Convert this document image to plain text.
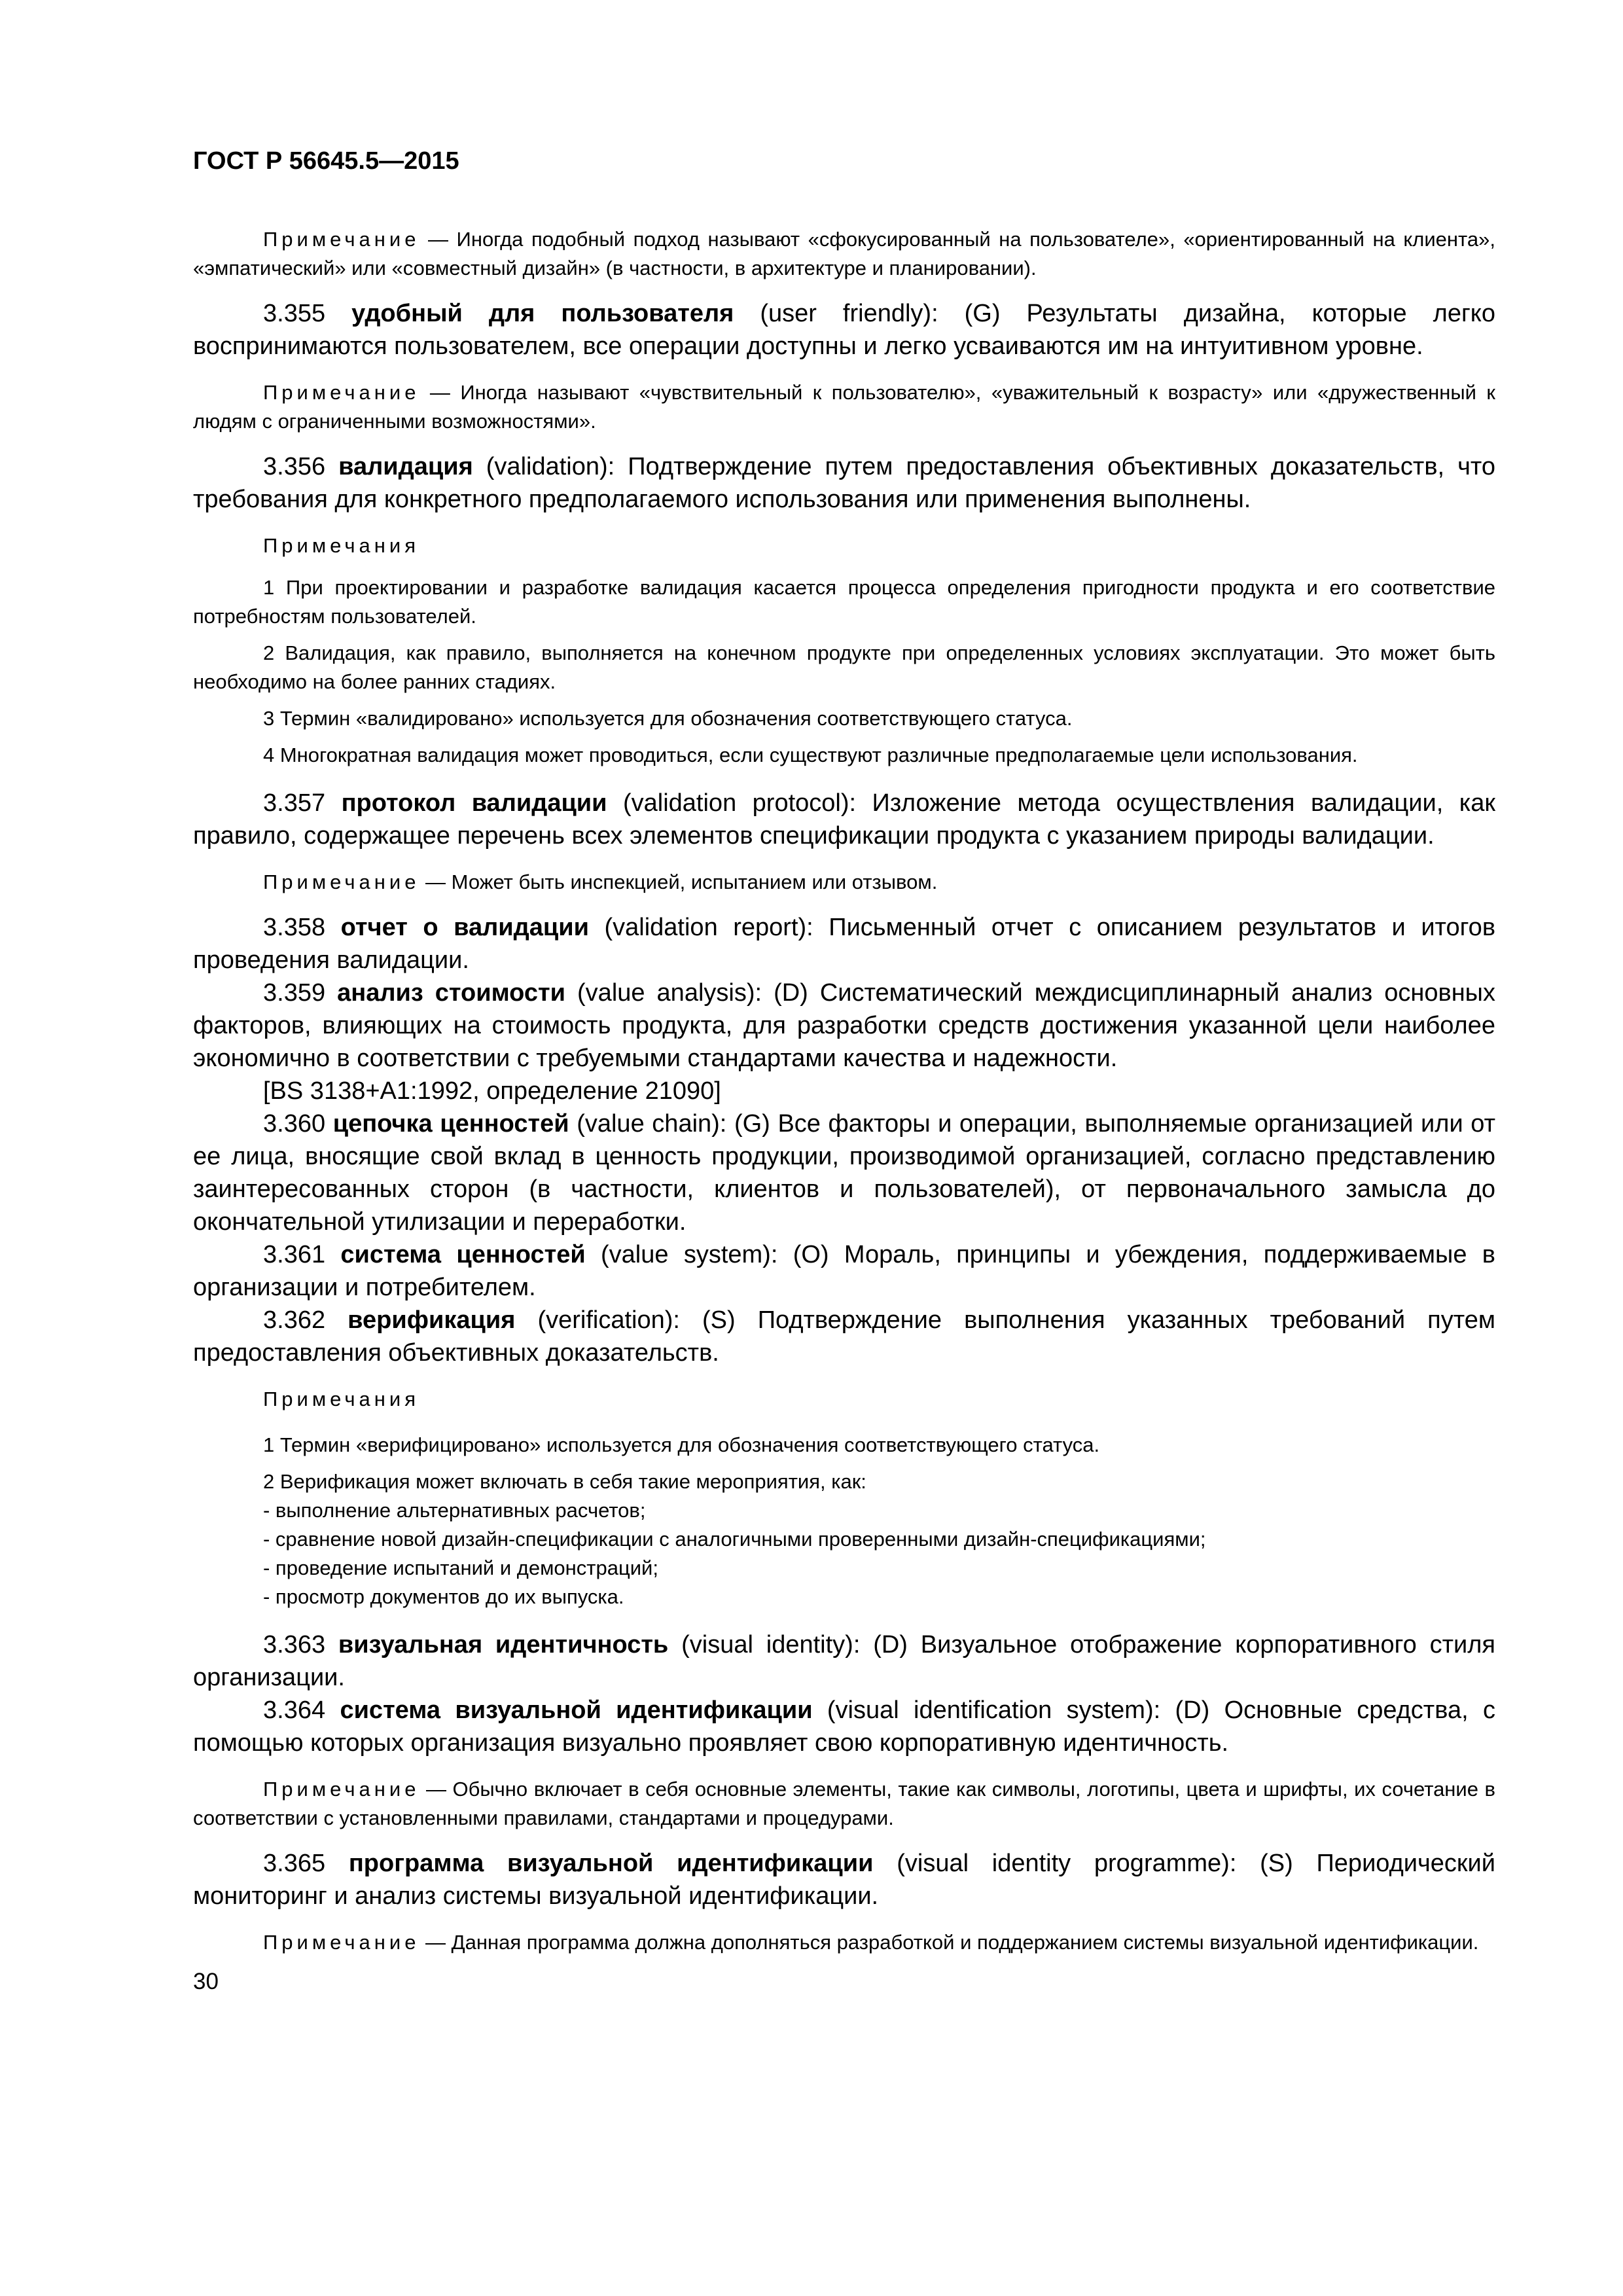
ГОСТ Р 56645.5—2015

Примечание — Иногда подобный подход называют «сфокусированный на пользователе», «ориентированный на клиента», «эмпатический» или «совместный дизайн» (в частности, в архитектуре и планировании).

3.355 удобный для пользователя (user friendly): (G) Результаты дизайна, которые легко воспринимаются пользователем, все операции доступны и легко усваиваются им на интуитивном уровне.

Примечание — Иногда называют «чувствительный к пользователю», «уважительный к возрасту» или «дружественный к людям с ограниченными возможностями».

3.356 валидация (validation): Подтверждение путем предоставления объективных доказательств, что требования для конкретного предполагаемого использования или применения выполнены.

Примечания

1 При проектировании и разработке валидация касается процесса определения пригодности продукта и его соответствие потребностям пользователей.

2 Валидация, как правило, выполняется на конечном продукте при определенных условиях эксплуатации. Это может быть необходимо на более ранних стадиях.

3 Термин «валидировано» используется для обозначения соответствующего статуса.

4 Многократная валидация может проводиться, если существуют различные предполагаемые цели использования.

3.357 протокол валидации (validation protocol): Изложение метода осуществления валидации, как правило, содержащее перечень всех элементов спецификации продукта с указанием природы валидации.

Примечание — Может быть инспекцией, испытанием или отзывом.

3.358 отчет о валидации (validation report): Письменный отчет с описанием результатов и итогов проведения валидации.

3.359 анализ стоимости (value analysis): (D) Систематический междисциплинарный анализ основных факторов, влияющих на стоимость продукта, для разработки средств достижения указанной цели наиболее экономично в соответствии с требуемыми стандартами качества и надежности.

[BS 3138+A1:1992, определение 21090]

3.360 цепочка ценностей (value chain): (G) Все факторы и операции, выполняемые организацией или от ее лица, вносящие свой вклад в ценность продукции, производимой организацией, согласно представлению заинтересованных сторон (в частности, клиентов и пользователей), от первоначального замысла до окончательной утилизации и переработки.

3.361 система ценностей (value system): (O) Мораль, принципы и убеждения, поддерживаемые в организации и потребителем.

3.362 верификация (verification): (S) Подтверждение выполнения указанных требований путем предоставления объективных доказательств.

Примечания

1 Термин «верифицировано» используется для обозначения соответствующего статуса.

2 Верификация может включать в себя такие мероприятия, как:

- выполнение альтернативных расчетов;

- сравнение новой дизайн-спецификации с аналогичными проверенными дизайн-спецификациями;

- проведение испытаний и демонстраций;

- просмотр документов до их выпуска.

3.363 визуальная идентичность (visual identity): (D) Визуальное отображение корпоративного стиля организации.

3.364 система визуальной идентификации (visual identification system): (D) Основные средства, с помощью которых организация визуально проявляет свою корпоративную идентичность.

Примечание — Обычно включает в себя основные элементы, такие как символы, логотипы, цвета и шрифты, их сочетание в соответствии с установленными правилами, стандартами и процедурами.

3.365 программа визуальной идентификации (visual identity programme): (S) Периодический мониторинг и анализ системы визуальной идентификации.

Примечание — Данная программа должна дополняться разработкой и поддержанием системы визуальной идентификации.

30
